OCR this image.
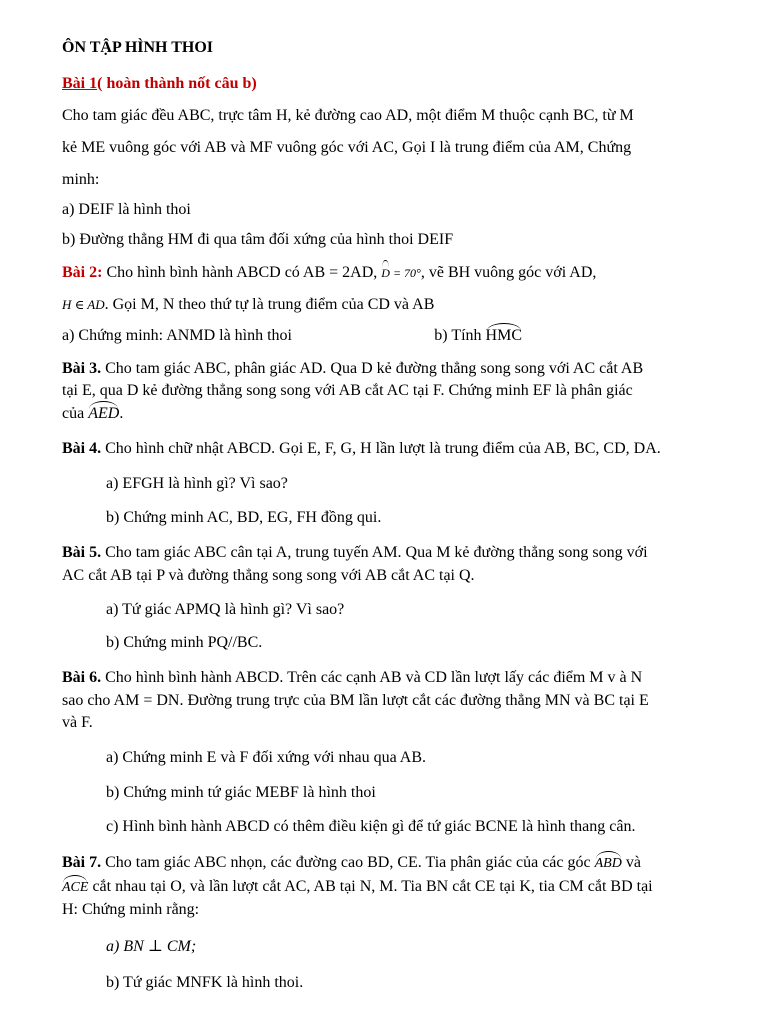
ÔN TẬP HÌNH THOI
Bài 1( hoàn thành nốt câu b)
Cho tam giác đều ABC, trực tâm H, kẻ đường cao AD, một điểm M thuộc cạnh BC, từ M
kẻ ME vuông góc với AB và MF vuông góc với AC, Gọi I là trung điểm của AM, Chứng
minh:
a) DEIF là hình thoi
b) Đường thẳng HM đi qua tâm đối xứng của hình thoi DEIF
Bài 2: Cho hình bình hành ABCD có AB = 2AD, D = 70°, vẽ BH vuông góc với AD,
H ∈ AD. Gọi M, N theo thứ tự là trung điểm của CD và AB
a) Chứng minh: ANMD là hình thoi	b) Tính HMC
Bài 3. Cho tam giác ABC, phân giác AD. Qua D kẻ đường thẳng song song với AC cắt AB
tại E, qua D kẻ đường thẳng song song với AB cắt AC tại F. Chứng minh EF là phân giác
của AED.
Bài 4. Cho hình chữ nhật ABCD. Gọi E, F, G, H lần lượt là trung điểm của AB, BC, CD, DA.
a) EFGH là hình gì? Vì sao?
b) Chứng minh AC, BD, EG, FH đồng qui.
Bài 5. Cho tam giác ABC cân tại A, trung tuyến AM. Qua M kẻ đường thẳng song song với
AC cắt AB tại P và đường thẳng song song với AB cắt AC tại Q.
a) Tứ giác APMQ là hình gì? Vì sao?
b) Chứng minh PQ//BC.
Bài 6. Cho hình bình hành ABCD. Trên các cạnh AB và CD lần lượt lấy các điểm M v à N
sao cho AM = DN. Đường trung trực của BM lần lượt cắt các đường thẳng MN và BC tại E
và F.
a) Chứng minh E và F đối xứng với nhau qua AB.
b) Chứng minh tứ giác MEBF là hình thoi
c) Hình bình hành ABCD có thêm điều kiện gì để tứ giác BCNE là hình thang cân.
Bài 7. Cho tam giác ABC nhọn, các đường cao BD, CE. Tia phân giác của các góc ABD và
ACE cắt nhau tại O, và lần lượt cắt AC, AB tại N, M. Tia BN cắt CE tại K, tia CM cắt BD tại
H: Chứng minh rằng:
a) BN ⊥ CM;
b) Tứ giác MNFK là hình thoi.
